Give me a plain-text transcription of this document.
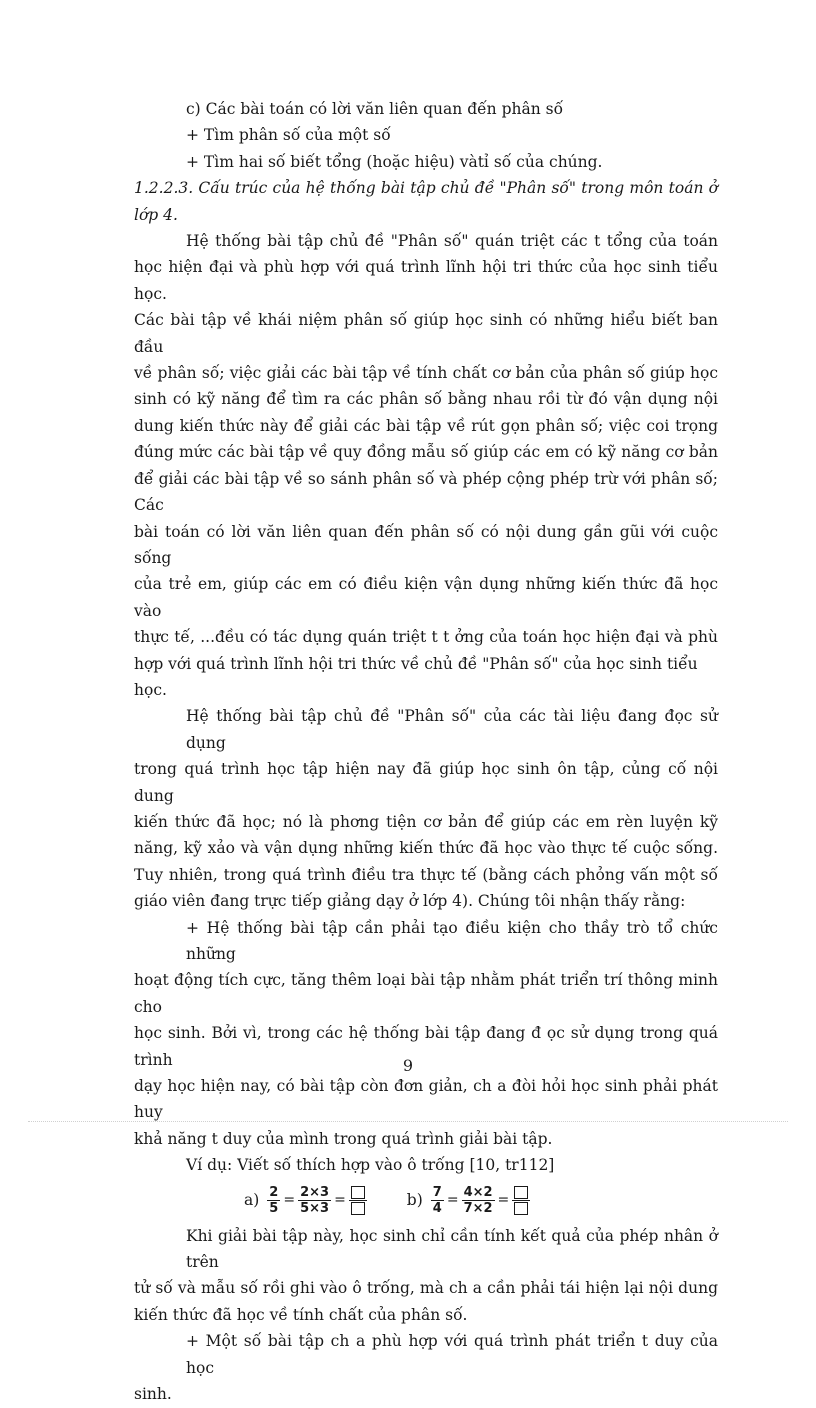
c) Các bài toán có lời văn liên quan đến phân số

+ Tìm phân số của một số

+ Tìm hai số biết tổng (hoặc hiệu) vàtỉ số của chúng.

1.2.2.3. Cấu trúc của hệ thống bài tập chủ đề "Phân số" trong môn toán ở

lớp 4.

Hệ thống bài tập chủ đề "Phân số" quán triệt các t tổng của toán

học hiện đại và phù hợp với quá trình lĩnh hội tri thức của học sinh tiểu học.

Các bài tập về khái niệm phân số giúp học sinh có những hiểu biết ban đầu

về phân số; việc giải các bài tập về tính chất cơ bản của phân số giúp học

sinh có kỹ năng để tìm ra các phân số bằng nhau rồi từ đó vận dụng nội

dung kiến thức này để giải các bài tập về rút gọn phân số; việc coi trọng

đúng mức các bài tập về quy đồng mẫu số giúp các em có kỹ năng cơ bản

để giải các bài tập về so sánh phân số và phép cộng phép trừ với phân số; Các

bài toán có lời văn liên quan đến phân số có nội dung gần gũi với cuộc sống

của trẻ em, giúp các em có điều kiện vận dụng những kiến thức đã học vào

thực tế, ...đều có tác dụng quán triệt t t ởng của toán học hiện đại và phù

hợp với quá trình lĩnh hội tri thức về chủ đề "Phân số" của học sinh tiểu học.

Hệ thống bài tập chủ đề "Phân số" của các tài liệu đang đọc sử dụng

trong quá trình học tập hiện nay đã giúp học sinh ôn tập, củng cố nội dung

kiến thức đã học; nó là phơng tiện cơ bản để giúp các em rèn luyện kỹ

năng, kỹ xảo và vận dụng những kiến thức đã học vào thực tế cuộc sống.

Tuy nhiên, trong quá trình điều tra thực tế (bằng cách phỏng vấn một số

giáo viên đang trực tiếp giảng dạy ở lớp 4). Chúng tôi nhận thấy rằng:

+ Hệ thống bài tập cần phải tạo điều kiện cho thầy trò tổ chức những

hoạt động tích cực, tăng thêm loại bài tập nhằm phát triển trí thông minh cho

học sinh. Bởi vì, trong các hệ thống bài tập đang đ ọc sử dụng trong quá trình

dạy học hiện nay, có bài tập còn đơn giản, ch a đòi hỏi học sinh phải phát huy

khả năng t duy của mình trong quá trình giải bài tập.

Ví dụ: Viết số thích hợp vào ô trống [10, tr112]

$a) \frac{2}{5} = \frac{2\times 3}{5\times 3}$ =	$b) \frac{7}{4} = \frac{4\times 2}{7\times 2}$ =

Khi giải bài tập này, học sinh chỉ cần tính kết quả của phép nhân ở trên

tử số và mẫu số rồi ghi vào ô trống, mà ch a cần phải tái hiện lại nội dung

kiến thức đã học về tính chất của phân số.

+ Một số bài tập ch a phù hợp với quá trình phát triển t duy của học

sinh.

9
